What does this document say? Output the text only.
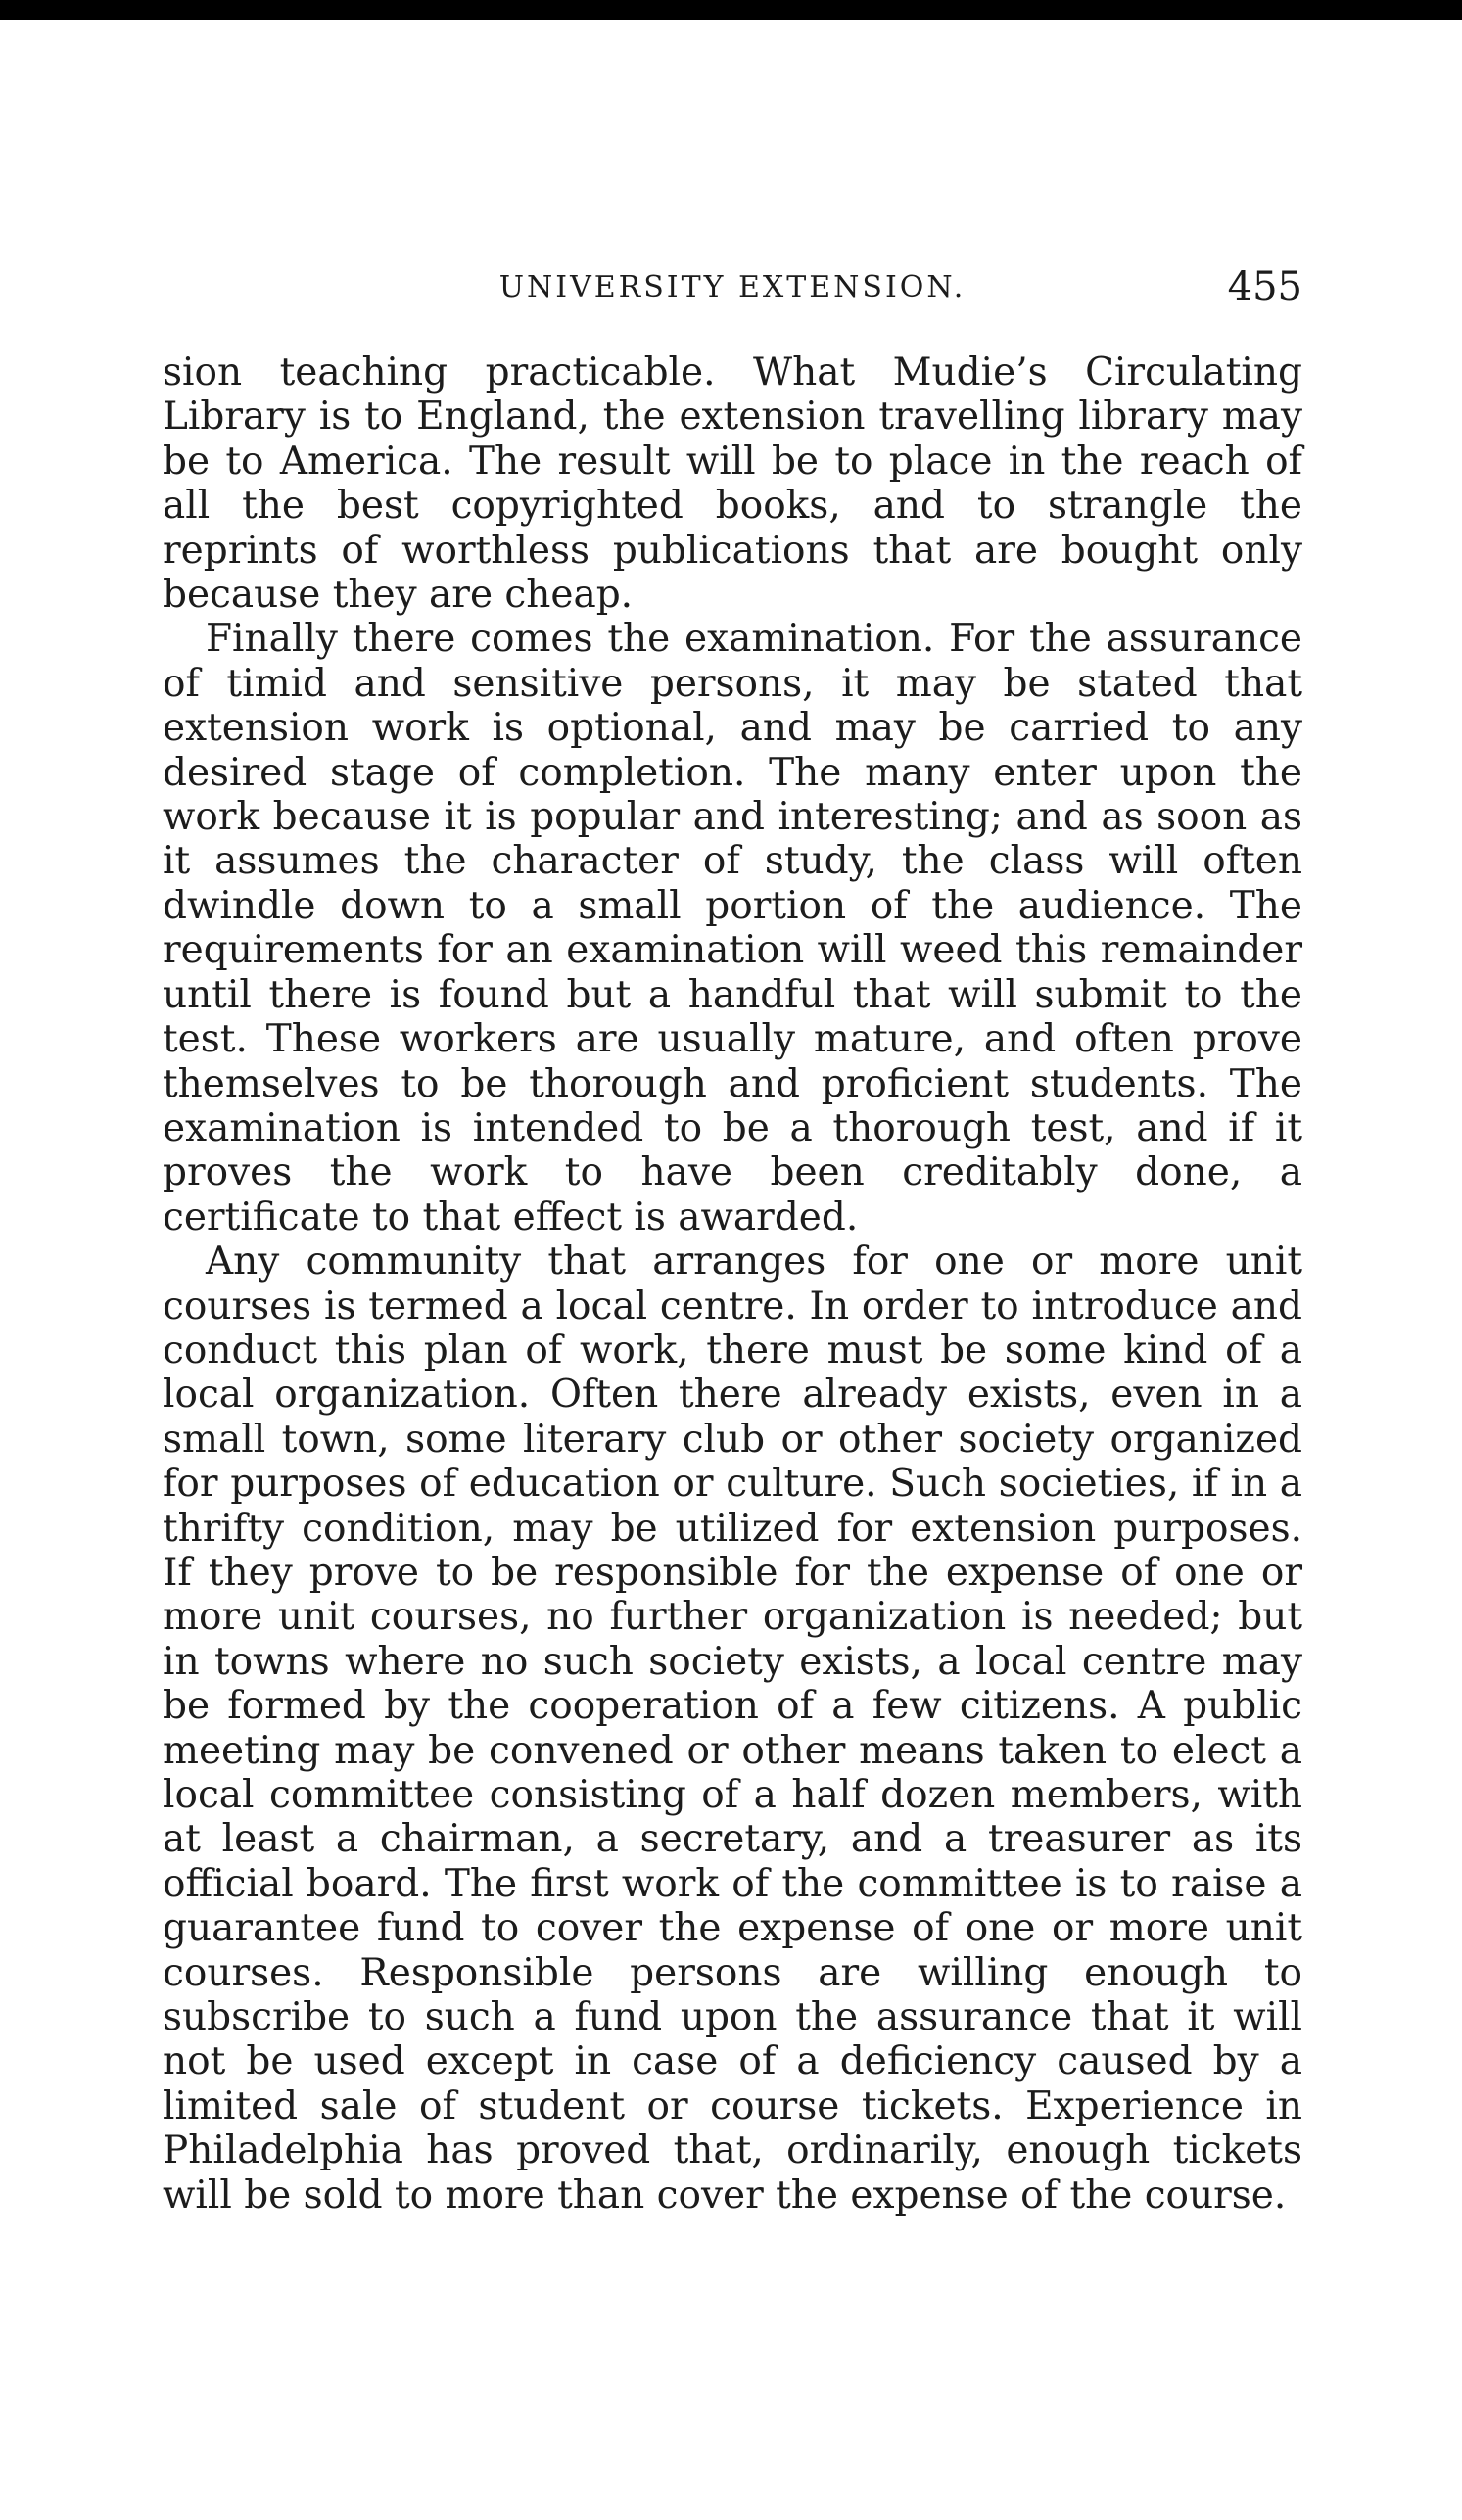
UNIVERSITY EXTENSION.	455

sion teaching practicable. What Mudie’s Circulating Library is to England, the extension travelling library may be to America. The result will be to place in the reach of all the best copyrighted books, and to strangle the reprints of worthless publications that are bought only because they are cheap.

Finally there comes the examination. For the assurance of timid and sensitive persons, it may be stated that extension work is optional, and may be carried to any desired stage of completion. The many enter upon the work because it is popular and interesting; and as soon as it assumes the character of study, the class will often dwindle down to a small portion of the audience. The requirements for an examination will weed this remainder until there is found but a handful that will submit to the test. These workers are usually mature, and often prove themselves to be thorough and proficient students. The examination is intended to be a thorough test, and if it proves the work to have been creditably done, a certificate to that effect is awarded.

Any community that arranges for one or more unit courses is termed a local centre. In order to introduce and conduct this plan of work, there must be some kind of a local organization. Often there already exists, even in a small town, some literary club or other society organized for purposes of education or culture. Such societies, if in a thrifty condition, may be utilized for extension purposes. If they prove to be responsible for the expense of one or more unit courses, no further organization is needed; but in towns where no such society exists, a local centre may be formed by the cooperation of a few citizens. A public meeting may be convened or other means taken to elect a local committee consisting of a half dozen members, with at least a chairman, a secretary, and a treasurer as its official board. The first work of the committee is to raise a guarantee fund to cover the expense of one or more unit courses. Responsible persons are willing enough to subscribe to such a fund upon the assurance that it will not be used except in case of a deficiency caused by a limited sale of student or course tickets. Experience in Philadelphia has proved that, ordinarily, enough tickets will be sold to more than cover the expense of the course.
